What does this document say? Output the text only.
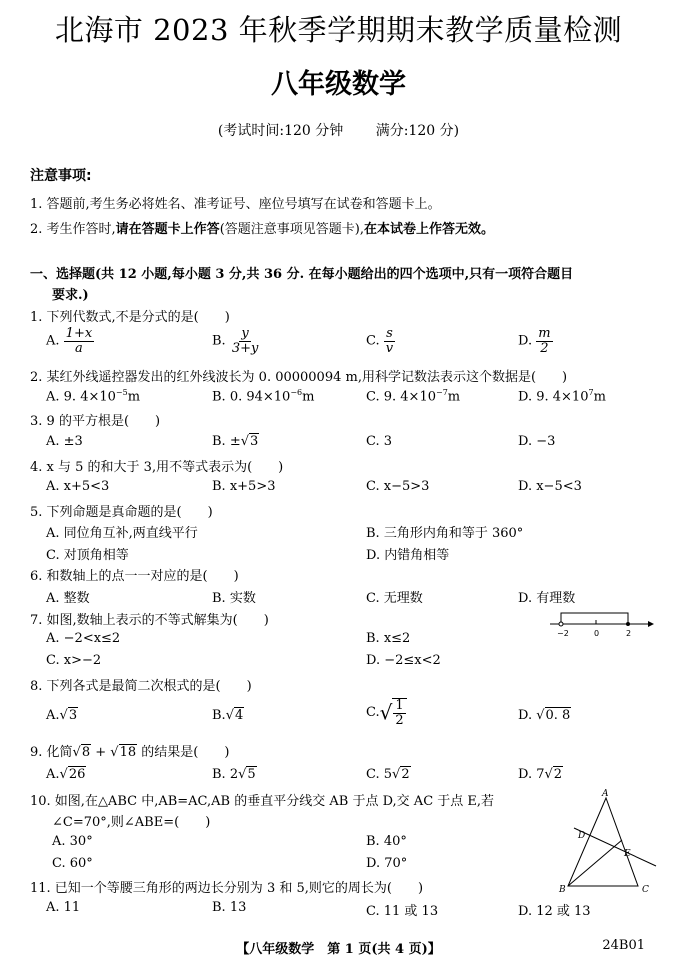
北海市 2023 年秋季学期期末教学质量检测
八年级数学
(考试时间:120 分钟 满分:120 分)
注意事项:
1. 答题前,考生务必将姓名、准考证号、座位号填写在试卷和答题卡上。
2. 考生作答时,请在答题卡上作答(答题注意事项见答题卡),在本试卷上作答无效。
一、选择题(共 12 小题,每小题 3 分,共 36 分. 在每小题给出的四个选项中,只有一项符合题目
要求.)
1. 下列代数式,不是分式的是(　　)
A. $\frac{1+x}{a}$	B. $\frac{y}{3+y}$	C. $\frac{s}{v}$	D. $\frac{m}{2}$
2. 某红外线遥控器发出的红外线波长为 0. 00000094 m,用科学记数法表示这个数据是(　　)
A. 9. $4\times 10^{-5}m$	B. 0. $94\times 10^{-6}m$	C. 9. $4\times 10^{-7}m$	D. 9. $4\times 10^7m$
3. 9 的平方根是(　　)
A. ±3	B. ±√3	C. 3	D. −3
4. x 与 5 的和大于 3,用不等式表示为(　　)
A. x+5<3	B. x+5>3	C. x−5>3	D. x−5<3
5. 下列命题是真命题的是(　　)
A. 同位角互补,两直线平行	B. 三角形内角和等于 360°
C. 对顶角相等	D. 内错角相等
6. 和数轴上的点一一对应的是(　　)
A. 整数	B. 实数	C. 无理数	D. 有理数
7. 如图,数轴上表示的不等式解集为(　　)
A. −2<x≤2	B. x≤2
C. x>−2	D. −2≤x<2
−2	0	2
8. 下列各式是最简二次根式的是(　　)
A.√3	B.√4	$C.√ \frac{1}{2}$	D. √0. 8
9. 化简√8 + √18 的结果是(　　)
A.√26	B. 2√5	C. 5√2	D. 7√2
10. 如图,在△ABC 中,AB=AC,AB 的垂直平分线交 AB 于点 D,交 AC 于点 E,若
∠C=70°,则∠ABE=(　　)
A. 30°	B. 40°
C. 60°	D. 70°
A
B	C
D
E
11. 已知一个等腰三角形的两边长分别为 3 和 5,则它的周长为(　　)
A. 11	B. 13	C. 11 或 13	D. 12 或 13
【八年级数学　第 1 页(共 4 页)】	24B01
